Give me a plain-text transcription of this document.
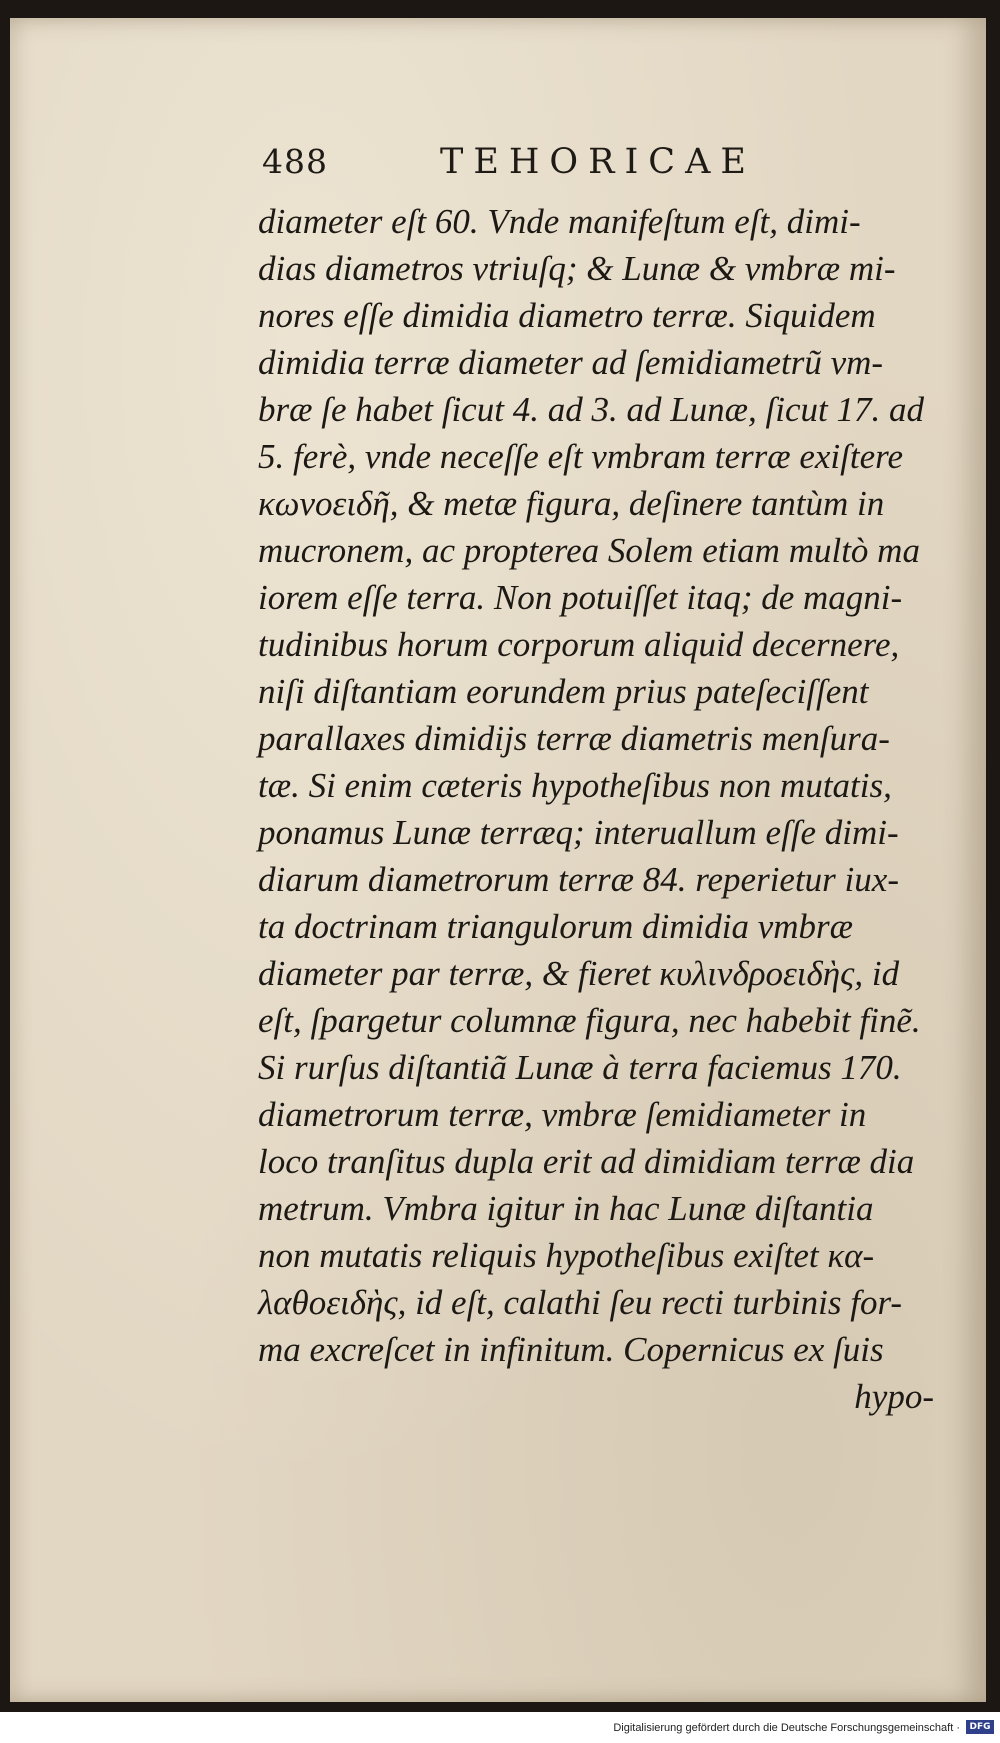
488	TEHORICAE
diameter eſt 60. Vnde manifeſtum eſt, dimi-
dias diametros vtriuſq; & Lunæ & vmbræ mi-
nores eſſe dimidia diametro terræ. Siquidem
dimidia terræ diameter ad ſemidiametrũ vm-
bræ ſe habet ſicut 4. ad 3. ad Lunæ, ſicut 17. ad
5. ferè, vnde neceſſe eſt vmbram terræ exiſtere
κωνοειδῆ, & metæ figura, deſinere tantùm in
mucronem, ac propterea Solem etiam multò ma
iorem eſſe terra. Non potuiſſet itaq; de magni-
tudinibus horum corporum aliquid decernere,
niſi diſtantiam eorundem prius pateſeciſſent
parallaxes dimidijs terræ diametris menſura-
tæ. Si enim cæteris hypotheſibus non mutatis,
ponamus Lunæ terræq; interuallum eſſe dimi-
diarum diametrorum terræ 84. reperietur iux-
ta doctrinam triangulorum dimidia vmbræ
diameter par terræ, & fieret κυλινδροειδὴς, id
eſt, ſpargetur columnæ figura, nec habebit finẽ.
Si rurſus diſtantiã Lunæ à terra faciemus 170.
diametrorum terræ, vmbræ ſemidiameter in
loco tranſitus dupla erit ad dimidiam terræ dia
metrum. Vmbra igitur in hac Lunæ diſtantia
non mutatis reliquis hypotheſibus exiſtet κα-
λαθοειδὴς, id eſt, calathi ſeu recti turbinis for-
ma excreſcet in infinitum. Copernicus ex ſuis
hypo-
Digitalisierung gefördert durch die Deutsche Forschungsgemeinschaft ·	DFG
